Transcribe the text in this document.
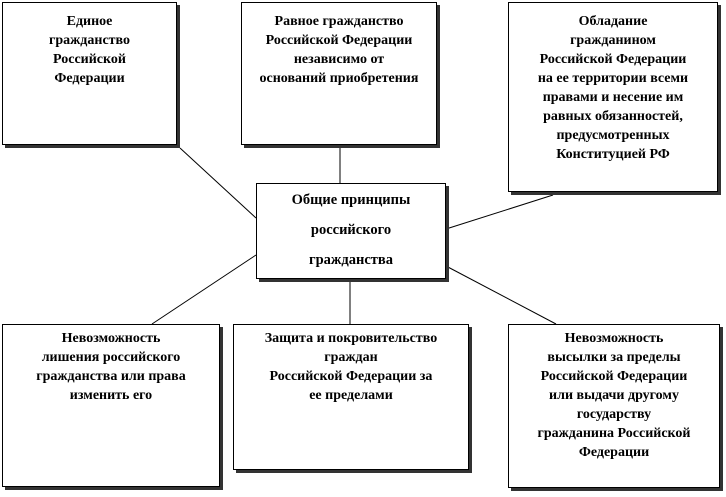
Единое
гражданство
Российской
Федерации
Равное гражданство
Российской Федерации
независимо от
оснований приобретения
Обладание
гражданином
Российской Федерации
на ее территории всеми
правами и несение им
равных обязанностей,
предусмотренных
Конституцией РФ
Общие принципы
российского
гражданства
Невозможность
лишения российского
гражданства или права
изменить его
Защита и покровительство
граждан
Российской Федерации за
ее пределами
Невозможность
высылки за пределы
Российской Федерации
или выдачи другому
государству
гражданина Российской
Федерации
